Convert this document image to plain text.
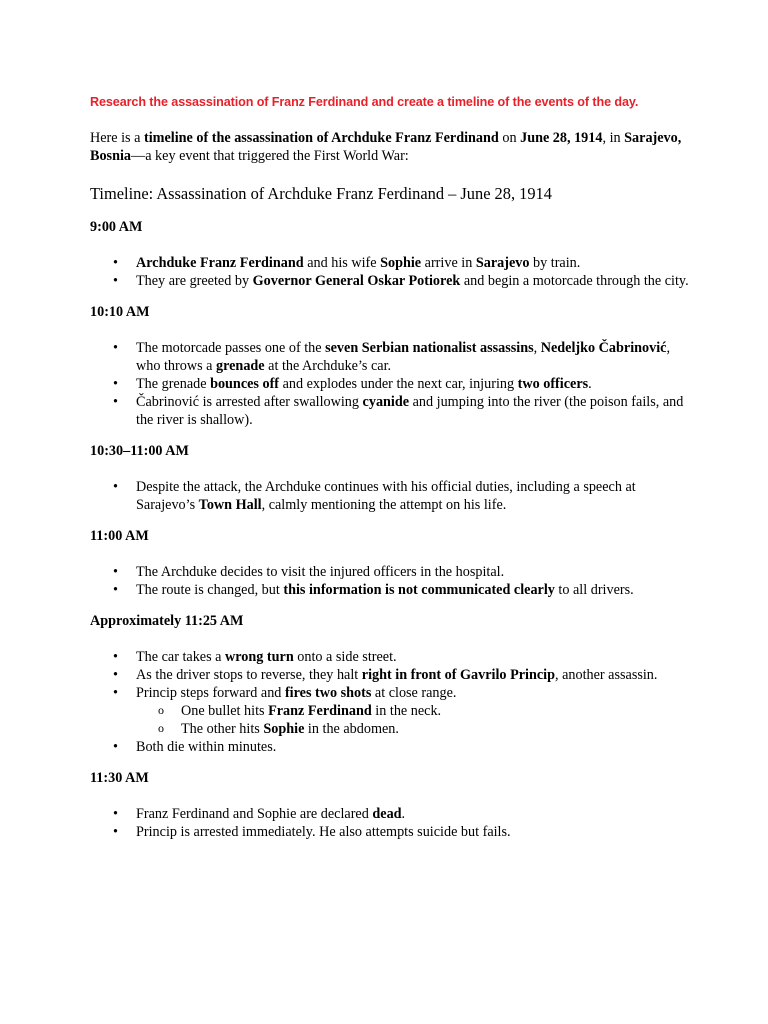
Research the assassination of Franz Ferdinand and create a timeline of the events of the day.

Here is a timeline of the assassination of Archduke Franz Ferdinand on June 28, 1914, in Sarajevo, Bosnia—a key event that triggered the First World War:

Timeline: Assassination of Archduke Franz Ferdinand – June 28, 1914

9:00 AM

• Archduke Franz Ferdinand and his wife Sophie arrive in Sarajevo by train.
• They are greeted by Governor General Oskar Potiorek and begin a motorcade through the city.

10:10 AM

• The motorcade passes one of the seven Serbian nationalist assassins, Nedeljko Čabrinović, who throws a grenade at the Archduke’s car.
• The grenade bounces off and explodes under the next car, injuring two officers.
• Čabrinović is arrested after swallowing cyanide and jumping into the river (the poison fails, and the river is shallow).

10:30–11:00 AM

• Despite the attack, the Archduke continues with his official duties, including a speech at Sarajevo’s Town Hall, calmly mentioning the attempt on his life.

11:00 AM

• The Archduke decides to visit the injured officers in the hospital.
• The route is changed, but this information is not communicated clearly to all drivers.

Approximately 11:25 AM

• The car takes a wrong turn onto a side street.
• As the driver stops to reverse, they halt right in front of Gavrilo Princip, another assassin.
• Princip steps forward and fires two shots at close range.
o One bullet hits Franz Ferdinand in the neck.
o The other hits Sophie in the abdomen.
• Both die within minutes.

11:30 AM

• Franz Ferdinand and Sophie are declared dead.
• Princip is arrested immediately. He also attempts suicide but fails.
